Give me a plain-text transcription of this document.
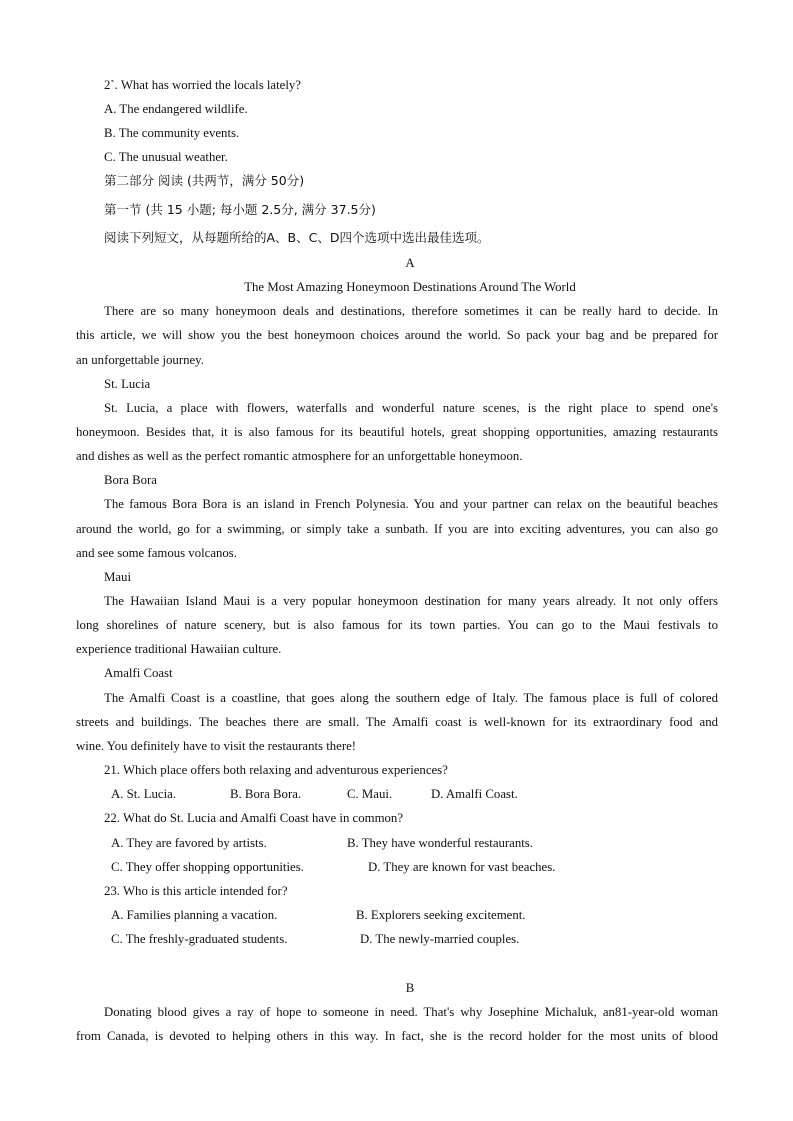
2`. What has worried the locals lately?
A. The endangered wildlife.
B. The community events.
C. The unusual weather.
第二部分 阅读 (共两节，满分 50分)
第一节 (共 15 小题; 每小题 2.5分, 满分 37.5分)
阅读下列短文，从每题所给的A、B、C、D四个选项中选出最佳选项。
A
The Most Amazing Honeymoon Destinations Around The World
There are so many honeymoon deals and destinations, therefore sometimes it can be really hard to decide. In
this article, we will show you the best honeymoon choices around the world. So pack your bag and be prepared for
an unforgettable journey.
St. Lucia
St. Lucia, a place with flowers, waterfalls and wonderful nature scenes, is the right place to spend one's
honeymoon. Besides that, it is also famous for its beautiful hotels, great shopping opportunities, amazing restaurants
and dishes as well as the perfect romantic atmosphere for an unforgettable honeymoon.
Bora Bora
The famous Bora Bora is an island in French Polynesia. You and your partner can relax on the beautiful beaches
around the world, go for a swimming, or simply take a sunbath. If you are into exciting adventures, you can also go
and see some famous volcanos.
Maui
The Hawaiian Island Maui is a very popular honeymoon destination for many years already. It not only offers
long shorelines of nature scenery, but is also famous for its town parties. You can go to the Maui festivals to
experience traditional Hawaiian culture.
Amalfi Coast
The Amalfi Coast is a coastline, that goes along the southern edge of Italy. The famous place is full of colored
streets and buildings. The beaches there are small. The Amalfi coast is well-known for its extraordinary food and
wine. You definitely have to visit the restaurants there!
21. Which place offers both relaxing and adventurous experiences?
A. St. Lucia.	B. Bora Bora.	C. Maui.	D. Amalfi Coast.
22. What do St. Lucia and Amalfi Coast have in common?
A. They are favored by artists.	B. They have wonderful restaurants.
C. They offer shopping opportunities.	D. They are known for vast beaches.
23. Who is this article intended for?
A. Families planning a vacation.	B. Explorers seeking excitement.
C. The freshly-graduated students.	D. The newly-married couples.
B
Donating blood gives a ray of hope to someone in need. That's why Josephine Michaluk, an81-year-old woman
from Canada, is devoted to helping others in this way. In fact, she is the record holder for the most units of blood
